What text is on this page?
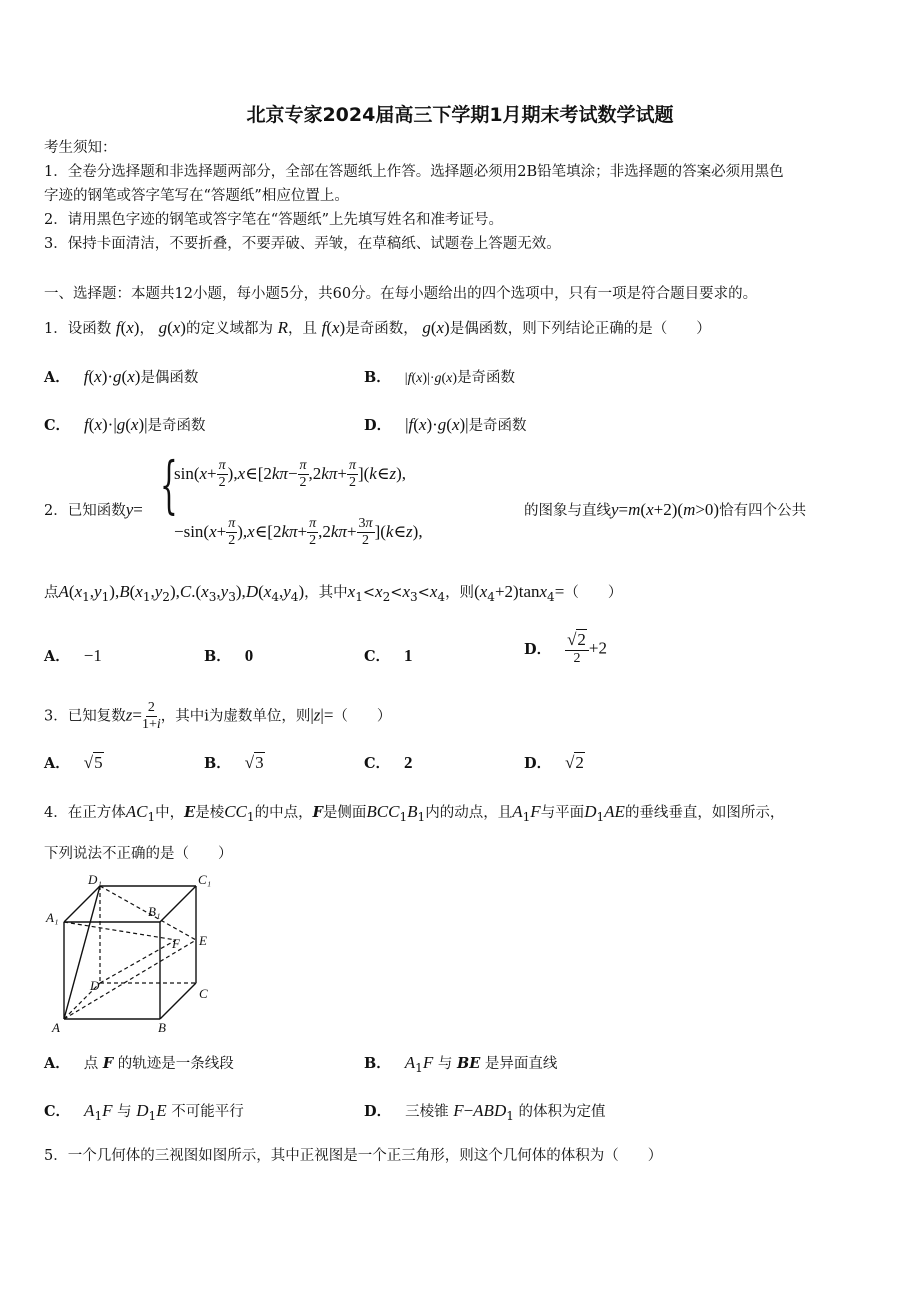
北京专家2024届高三下学期1月期末考试数学试题
考生须知：
1．全卷分选择题和非选择题两部分，全部在答题纸上作答。选择题必须用2B铅笔填涂；非选择题的答案必须用黑色
字迹的钢笔或答字笔写在“答题纸”相应位置上。
2．请用黑色字迹的钢笔或答字笔在“答题纸”上先填写姓名和准考证号。
3．保持卡面清洁，不要折叠，不要弄破、弄皱，在草稿纸、试题卷上答题无效。
一、选择题：本题共12小题，每小题5分，共60分。在每小题给出的四个选项中，只有一项是符合题目要求的。
1．设函数 f(x)， g(x)的定义域都为 R，且 f(x)是奇函数， g(x)是偶函数，则下列结论正确的是（　　）
A． f(x)·g(x)是偶函数	B． |f(x)|·g(x)是奇函数
C． f(x)·|g(x)|是奇函数	D． |f(x)·g(x)|是奇函数
2．已知函数y= {
$\sin(x+ \frac{\pi}{2}$ ),x∈[2kπ− $\frac{\pi}{2} ,2k\pi+ \frac{\pi}{2}$ ](k∈z),
$-\sin(x+ \frac{\pi}{2}$ ),x∈[2kπ+ $\frac{\pi}{2} ,2k\pi+ \frac{3\pi}{2}$ ](k∈z),
的图象与直线y=m(x+2)(m>0)恰有四个公共
点$A(x_1,y_1),B(x_1,y_2),C.(x_3,y_3),D(x_4,y_4)$，其中$x_1<x_2<x_3<x_4$，则$(x_4+2)\tan x_4=$（　　）
A． −1	B． 0	C． 1	D． $\frac{√2}{2} +2$
3．已知复数$z= \frac{2}{1+i}$ ，其中i为虚数单位，则|z|=（　　）
A． √5	B． √3	C． 2	D． √2
4．在正方体$AC_1$中，E是棱$CC_1$的中点，F是侧面$BCC_1B_1$内的动点，且$A_1F$与平面$D_1AE$的垂线垂直，如图所示，
下列说法不正确的是（　　）
D₁	C₁
B₁
A₁
F E
D
C
A	B
A． 点 F 的轨迹是一条线段	B． $A_1F$ 与 BE 是异面直线
C． $A_1F$ 与 $D_1E$ 不可能平行	D． 三棱锥 $F-ABD_1$ 的体积为定值
5．一个几何体的三视图如图所示，其中正视图是一个正三角形，则这个几何体的体积为（　　）
